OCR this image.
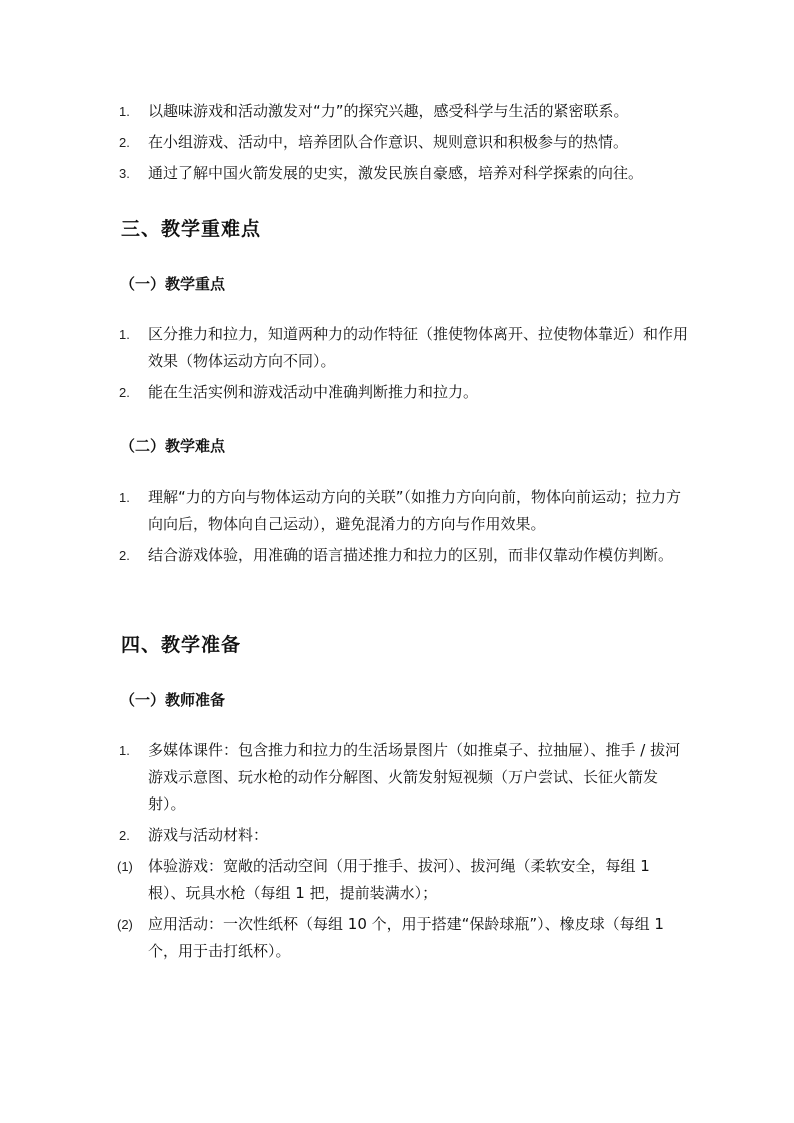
1. 以趣味游戏和活动激发对“力”的探究兴趣，感受科学与生活的紧密联系。
2. 在小组游戏、活动中，培养团队合作意识、规则意识和积极参与的热情。
3. 通过了解中国火箭发展的史实，激发民族自豪感，培养对科学探索的向往。
三、教学重难点
（一）教学重点
1. 区分推力和拉力，知道两种力的动作特征（推使物体离开、拉使物体靠近）和作用效果（物体运动方向不同）。
2. 能在生活实例和游戏活动中准确判断推力和拉力。
（二）教学难点
1. 理解“力的方向与物体运动方向的关联”（如推力方向向前，物体向前运动；拉力方向向后，物体向自己运动），避免混淆力的方向与作用效果。
2. 结合游戏体验，用准确的语言描述推力和拉力的区别，而非仅靠动作模仿判断。
四、教学准备
（一）教师准备
1. 多媒体课件：包含推力和拉力的生活场景图片（如推桌子、拉抽屉）、推手 / 拔河游戏示意图、玩水枪的动作分解图、火箭发射短视频（万户尝试、长征火箭发射）。
2. 游戏与活动材料：
(1) 体验游戏：宽敞的活动空间（用于推手、拔河）、拔河绳（柔软安全，每组 1 根）、玩具水枪（每组 1 把，提前装满水）；
(2) 应用活动：一次性纸杯（每组 10 个，用于搭建“保龄球瓶”）、橡皮球（每组 1 个，用于击打纸杯）。
